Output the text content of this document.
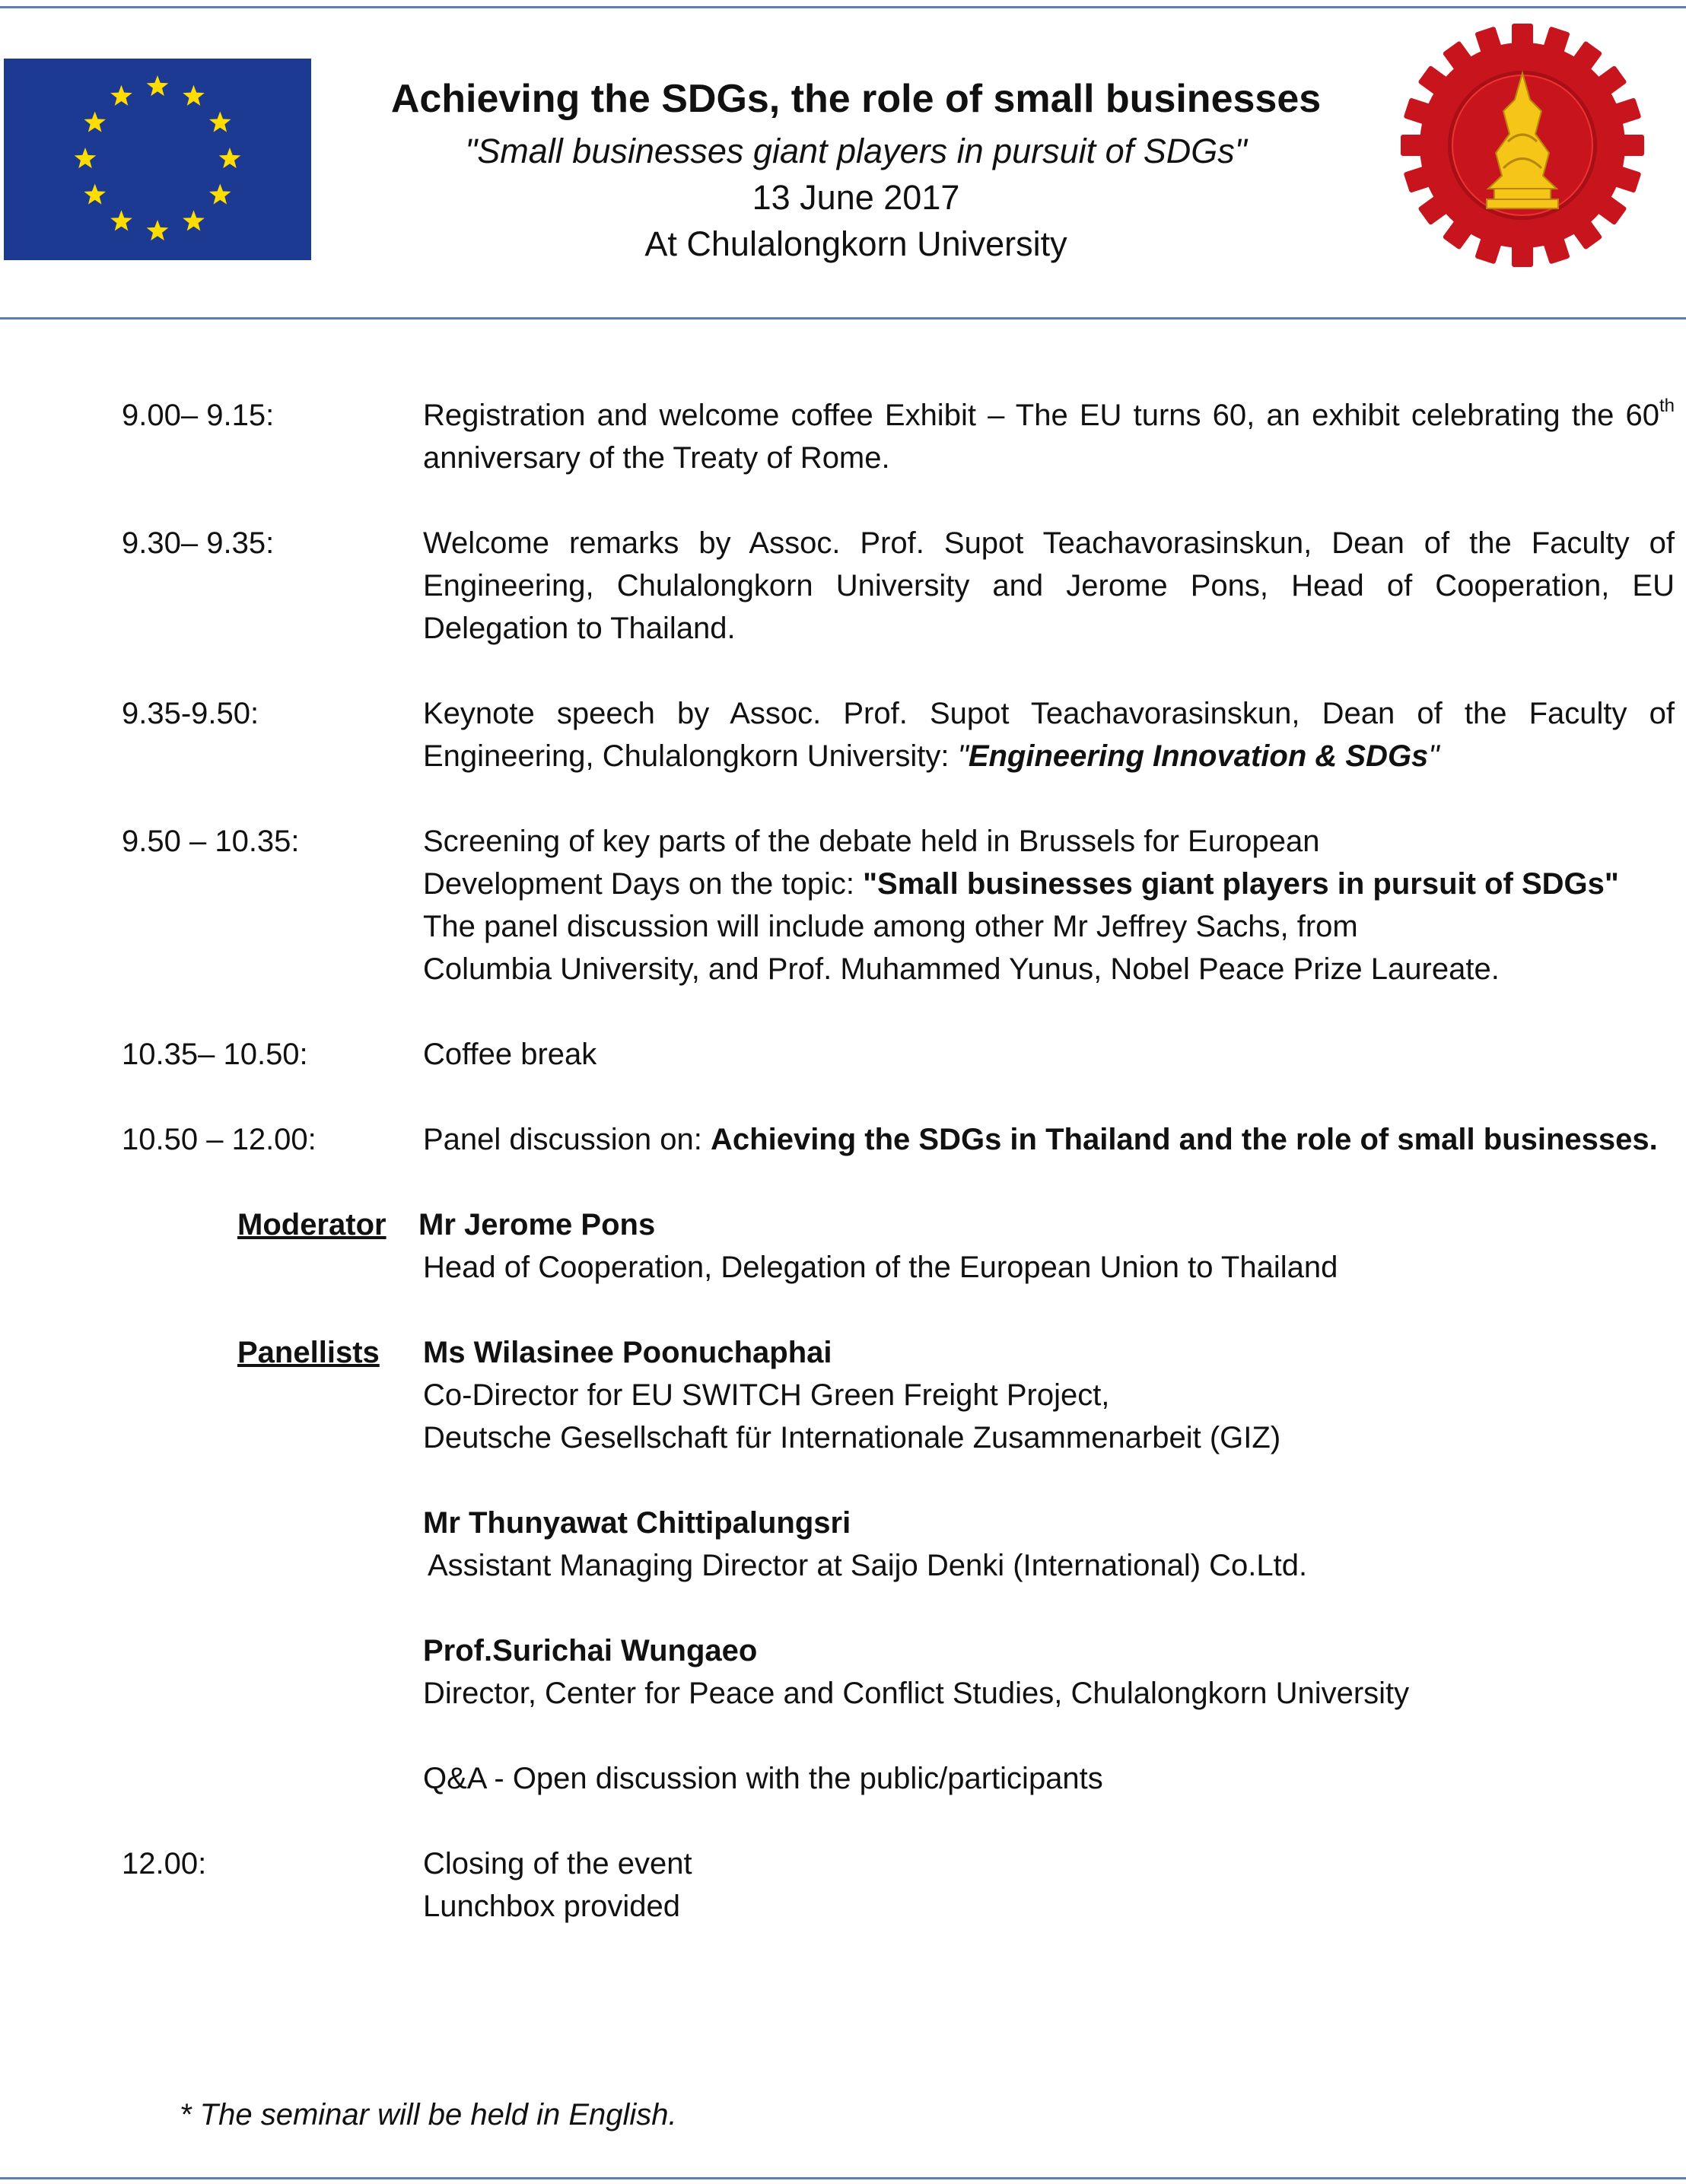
Achieving the SDGs, the role of small businesses
"Small businesses giant players in pursuit of SDGs"
13 June 2017
At Chulalongkorn University
9.00– 9.15:	Registration and welcome coffee Exhibit – The EU turns 60, an exhibit celebrating the 60th anniversary of the Treaty of Rome.
9.30– 9.35:	Welcome remarks by Assoc. Prof. Supot Teachavorasinskun, Dean of the Faculty of Engineering, Chulalongkorn University and Jerome Pons, Head of Cooperation, EU Delegation to Thailand.
9.35-9.50:	Keynote speech by Assoc. Prof. Supot Teachavorasinskun, Dean of the Faculty of Engineering, Chulalongkorn University: "Engineering Innovation & SDGs"
9.50 – 10.35:	Screening of key parts of the debate held in Brussels for European
Development Days on the topic: "Small businesses giant players in pursuit of SDGs"
The panel discussion will include among other Mr Jeffrey Sachs, from
Columbia University, and Prof. Muhammed Yunus, Nobel Peace Prize Laureate.
10.35– 10.50:	Coffee break
10.50 – 12.00:	Panel discussion on: Achieving the SDGs in Thailand and the role of small businesses.
Moderator Mr Jerome Pons
Head of Cooperation, Delegation of the European Union to Thailand
Panellists Ms Wilasinee Poonuchaphai
Co-Director for EU SWITCH Green Freight Project,
Deutsche Gesellschaft für Internationale Zusammenarbeit (GIZ)
Mr Thunyawat Chittipalungsri
Assistant Managing Director at Saijo Denki (International) Co.Ltd.
Prof.Surichai Wungaeo
Director, Center for Peace and Conflict Studies, Chulalongkorn University
Q&A - Open discussion with the public/participants
12.00:	Closing of the event
Lunchbox provided
* The seminar will be held in English.
